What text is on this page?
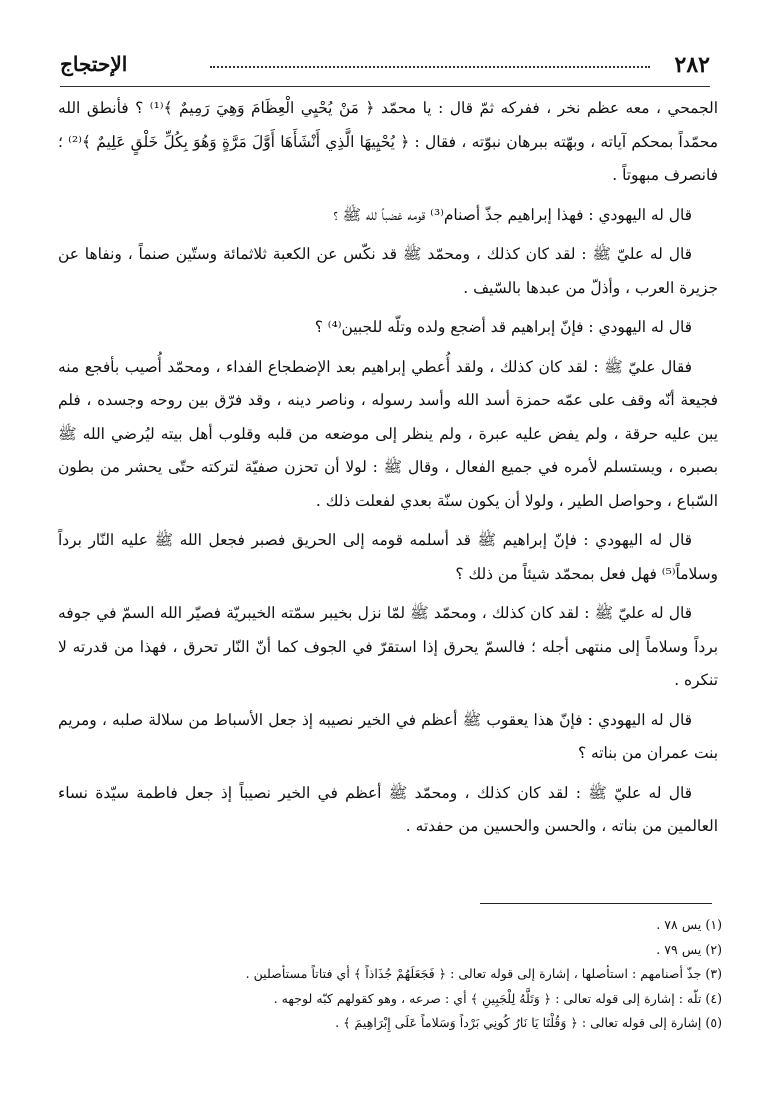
٢٨٢
الإحتجاج

الجمحي ، معه عظم نخر ، ففركه ثمّ قال : يا محمّد ﴿ مَنْ يُحْيِي الْعِظَامَ وَهِيَ رَمِيمٌ ﴾⁽¹⁾ ؟ فأنطق الله محمّداً بمحكم آياته ، وبهّته ببرهان نبوّته ، فقال : ﴿ يُحْيِيهَا الَّذِي أَنْشَأَهَا أَوَّلَ مَرَّةٍ وَهُوَ بِكُلِّ خَلْقٍ عَلِيمٌ ﴾⁽²⁾ ؛ فانصرف مبهوتاً .

قال له اليهودي : فهذا إبراهيم جذّ أصنام⁽³⁾ قومه غضباً لله ﷺ ؟

قال له عليّ ﷺ : لقد كان كذلك ، ومحمّد ﷺ قد نكّس عن الكعبة ثلاثمائة وستّين صنماً ، ونفاها عن جزيرة العرب ، وأذلّ من عبدها بالسّيف .

قال له اليهودي : فإنّ إبراهيم قد أضجع ولده وتلّه للجبين⁽⁴⁾ ؟

فقال عليّ ﷺ : لقد كان كذلك ، ولقد أُعطي إبراهيم بعد الإضطجاع الفداء ، ومحمّد أُصيب بأفجع منه فجيعة أنّه وقف على عمّه حمزة أسد الله وأسد رسوله ، وناصر دينه ، وقد فرّق بين روحه وجسده ، فلم يبن عليه حرقة ، ولم يفض عليه عبرة ، ولم ينظر إلى موضعه من قلبه وقلوب أهل بيته ليُرضي الله ﷺ بصبره ، ويستسلم لأمره في جميع الفعال ، وقال ﷺ : لولا أن تحزن صفيّة لتركته حتّى يحشر من بطون السّباع ، وحواصل الطير ، ولولا أن يكون سنّة بعدي لفعلت ذلك .

قال له اليهودي : فإنّ إبراهيم ﷺ قد أسلمه قومه إلى الحريق فصبر فجعل الله ﷺ عليه النّار برداً وسلاماً⁽⁵⁾ فهل فعل بمحمّد شيئاً من ذلك ؟

قال له عليّ ﷺ : لقد كان كذلك ، ومحمّد ﷺ لمّا نزل بخيبر سمّته الخيبريّة فصيّر الله السمّ في جوفه برداً وسلاماً إلى منتهى أجله ؛ فالسمّ يحرق إذا استقرّ في الجوف كما أنّ النّار تحرق ، فهذا من قدرته لا تنكره .

قال له اليهودي : فإنّ هذا يعقوب ﷺ أعظم في الخير نصيبه إذ جعل الأسباط من سلالة صلبه ، ومريم بنت عمران من بناته ؟

قال له عليّ ﷺ : لقد كان كذلك ، ومحمّد ﷺ أعظم في الخير نصيباً إذ جعل فاطمة سيّدة نساء العالمين من بناته ، والحسن والحسين من حفدته .

(١) يس ٧٨ .

(٢) يس ٧٩ .

(٣) جذّ أصنامهم : استأصلها ، إشارة إلى قوله تعالى : ﴿ فَجَعَلَهُمْ جُذَاذاً ﴾ أي فتاتاً مستأصلين .

(٤) تلّه : إشارة إلى قوله تعالى : ﴿ وَتَلَّهُ لِلْجَبِينِ ﴾ أي : صرعه ، وهو كقولهم كبّه لوجهه .

(٥) إشارة إلى قوله تعالى : ﴿ وَقُلْنَا يَا نَارُ كُونِي بَرْداً وَسَلاماً عَلَى إِبْرَاهِيمَ ﴾ .
